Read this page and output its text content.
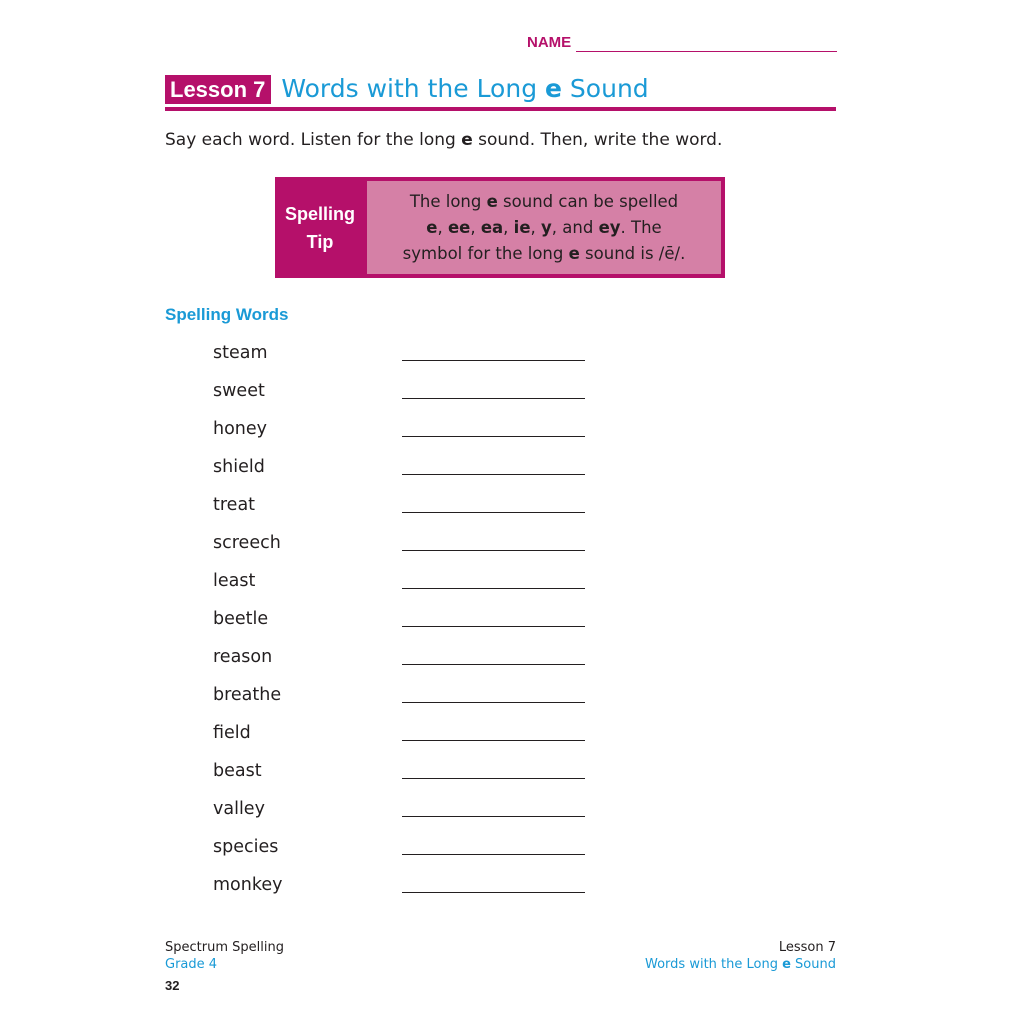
NAME
Lesson 7 Words with the Long e Sound
Say each word. Listen for the long e sound. Then, write the word.
Spelling
Tip
The long e sound can be spelled
e, ee, ea, ie, y, and ey. The
symbol for the long e sound is /ē/.
Spelling Words
steam
sweet
honey
shield
treat
screech
least
beetle
reason
breathe
field
beast
valley
species
monkey
Spectrum Spelling
Grade 4
32
Lesson 7
Words with the Long e Sound
